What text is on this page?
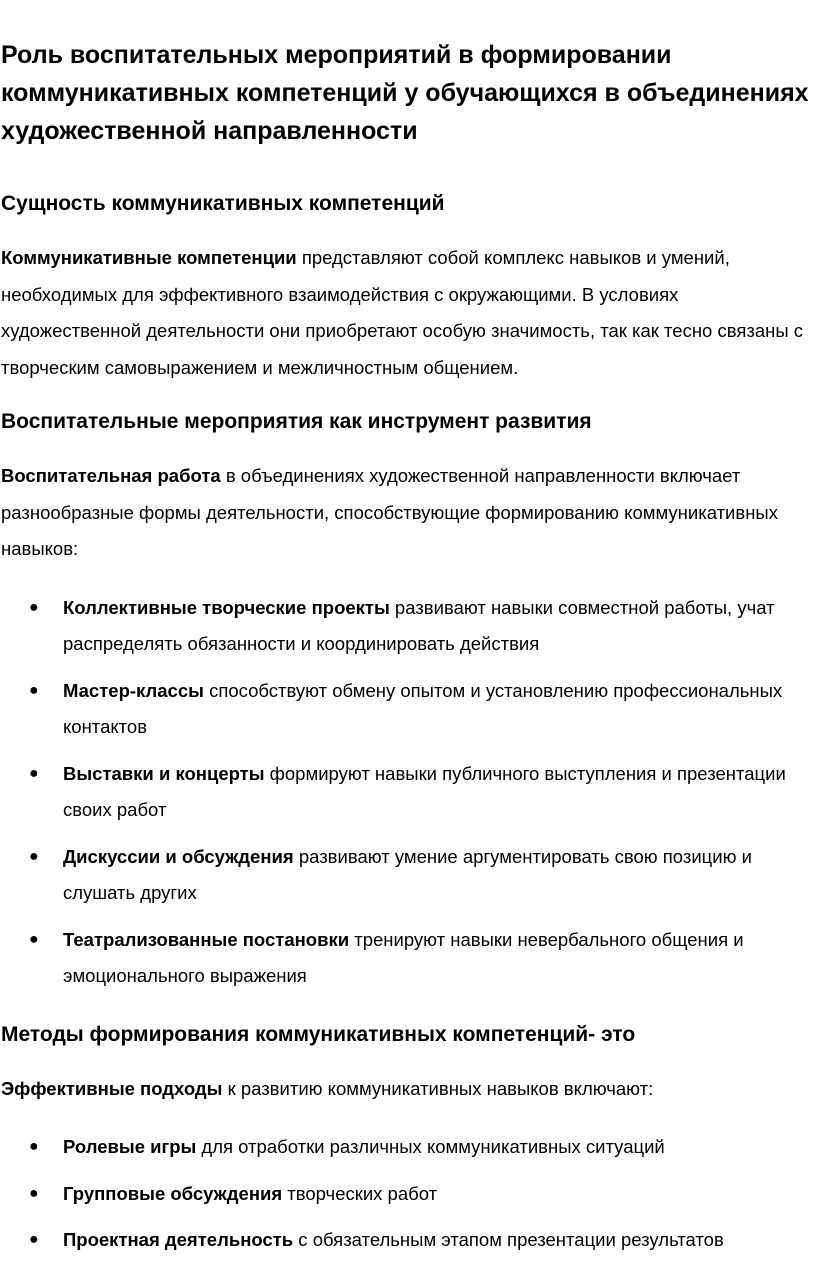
Роль воспитательных мероприятий в формировании коммуникативных компетенций у обучающихся в объединениях художественной направленности
Сущность коммуникативных компетенций

Коммуникативные компетенции представляют собой комплекс навыков и умений, необходимых для эффективного взаимодействия с окружающими. В условиях художественной деятельности они приобретают особую значимость, так как тесно связаны с творческим самовыражением и межличностным общением.

Воспитательные мероприятия как инструмент развития

Воспитательная работа в объединениях художественной направленности включает разнообразные формы деятельности, способствующие формированию коммуникативных навыков:

● Коллективные творческие проекты развивают навыки совместной работы, учат распределять обязанности и координировать действия
● Мастер-классы способствуют обмену опытом и установлению профессиональных контактов
● Выставки и концерты формируют навыки публичного выступления и презентации своих работ
● Дискуссии и обсуждения развивают умение аргументировать свою позицию и слушать других
● Театрализованные постановки тренируют навыки невербального общения и эмоционального выражения
Методы формирования коммуникативных компетенций- это

Эффективные подходы к развитию коммуникативных навыков включают:

● Ролевые игры для отработки различных коммуникативных ситуаций
● Групповые обсуждения творческих работ
● Проектная деятельность с обязательным этапом презентации результатов
